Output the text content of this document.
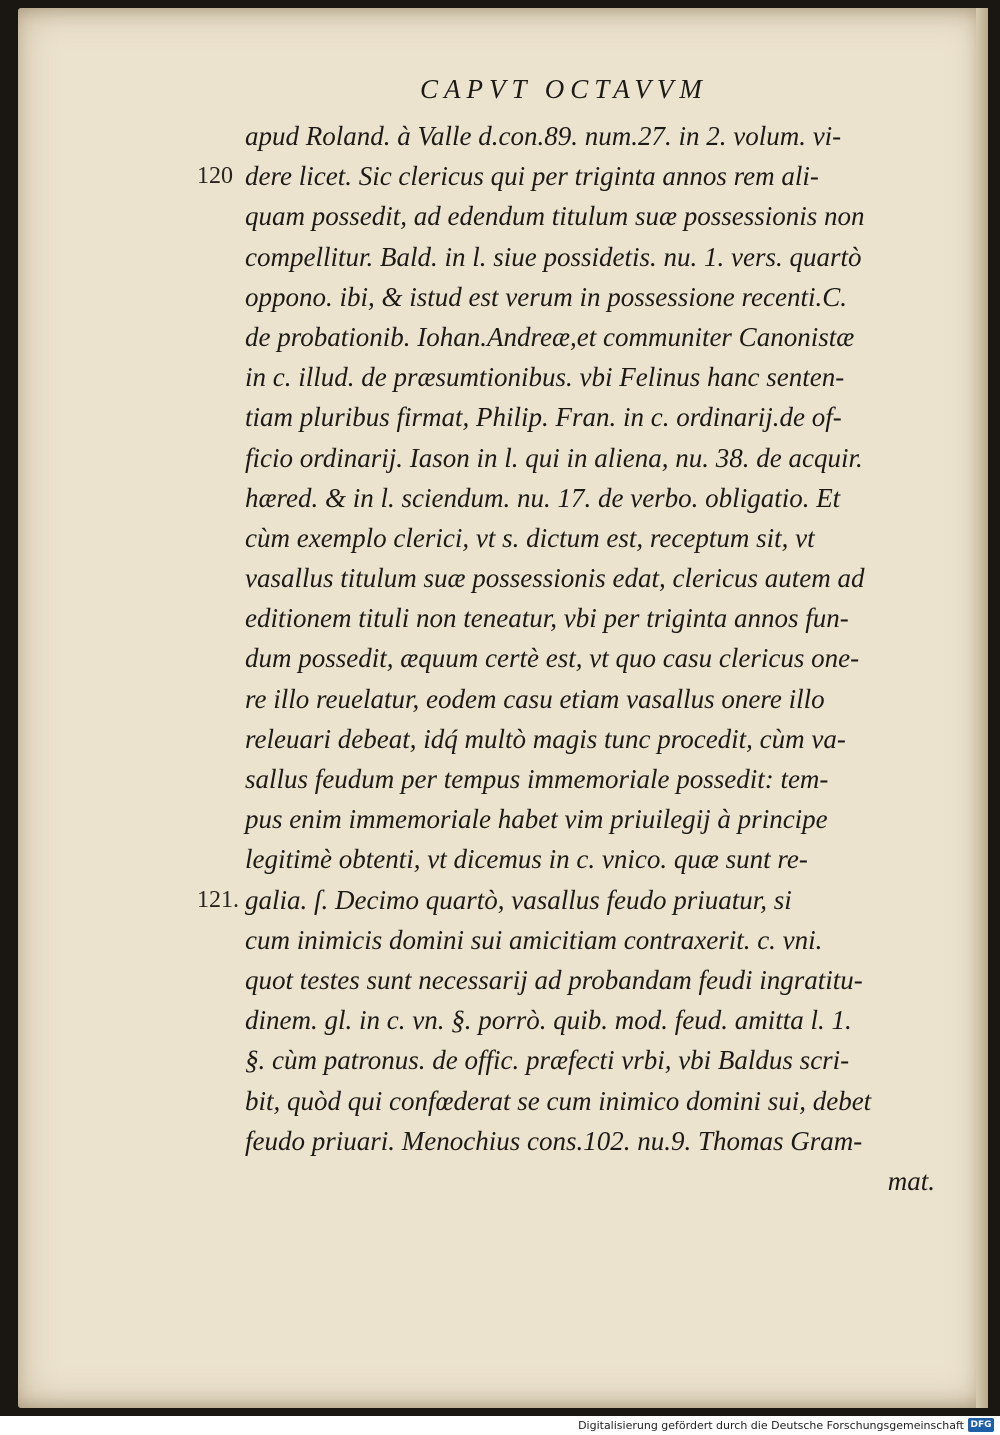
CAPVT OCTAVVM
apud Roland. à Valle d.con.89. num.27. in 2. volum. vi-
120 dere licet. Sic clericus qui per triginta annos rem ali-
quam possedit, ad edendum titulum suæ possessionis non
compellitur. Bald. in l. siue possidetis. nu. 1. vers. quartò
oppono. ibi, & istud est verum in possessione recenti.C.
de probationib. Iohan.Andreæ,et communiter Canonistæ
in c. illud. de præsumtionibus. vbi Felinus hanc senten-
tiam pluribus firmat, Philip. Fran. in c. ordinarij.de of-
ficio ordinarij. Iason in l. qui in aliena, nu. 38. de acquir.
hæred. & in l. sciendum. nu. 17. de verbo. obligatio. Et
cùm exemplo clerici, vt s. dictum est, receptum sit, vt
vasallus titulum suæ possessionis edat, clericus autem ad
editionem tituli non teneatur, vbi per triginta annos fun-
dum possedit, æquum certè est, vt quo casu clericus one-
re illo reuelatur, eodem casu etiam vasallus onere illo
releuari debeat, idq́ multò magis tunc procedit, cùm va-
sallus feudum per tempus immemoriale possedit: tem-
pus enim immemoriale habet vim priuilegij à principe
legitimè obtenti, vt dicemus in c. vnico. quæ sunt re-
121. galia. ſ. Decimo quartò, vasallus feudo priuatur, si
cum inimicis domini sui amicitiam contraxerit. c. vni.
quot testes sunt necessarij ad probandam feudi ingratitu-
dinem. gl. in c. vn. §. porrò. quib. mod. feud. amitta l. 1.
§. cùm patronus. de offic. præfecti vrbi, vbi Baldus scri-
bit, quòd qui confœderat se cum inimico domini sui, debet
feudo priuari. Menochius cons.102. nu.9. Thomas Gram-
mat.
Digitalisierung gefördert durch die Deutsche Forschungsgemeinschaft DFG
